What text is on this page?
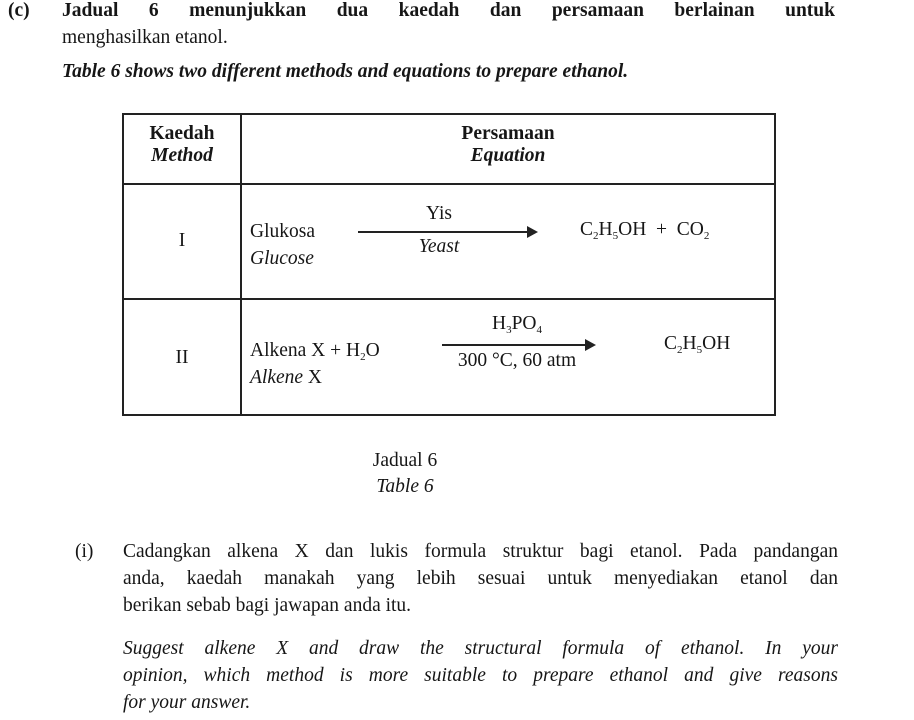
(c) Jadual 6 menunjukkan dua kaedah dan persamaan berlainan untuk
menghasilkan etanol.
Table 6 shows two different methods and equations to prepare ethanol.
Kaedah
Method
Persamaan
Equation
I	Glukosa
Glucose
Yis
Yeast
$C_2H_5OH + CO_2$
II	Alkena $X + H_2O$
Alkene X
$H_3PO_4$
300 °C, 60 atm
$C_2H_5OH$
Jadual 6
Table 6
(i) Cadangkan alkena X dan lukis formula struktur bagi etanol. Pada pandangan
anda, kaedah manakah yang lebih sesuai untuk menyediakan etanol dan
berikan sebab bagi jawapan anda itu.
Suggest alkene X and draw the structural formula of ethanol. In your
opinion, which method is more suitable to prepare ethanol and give reasons
for your answer.
